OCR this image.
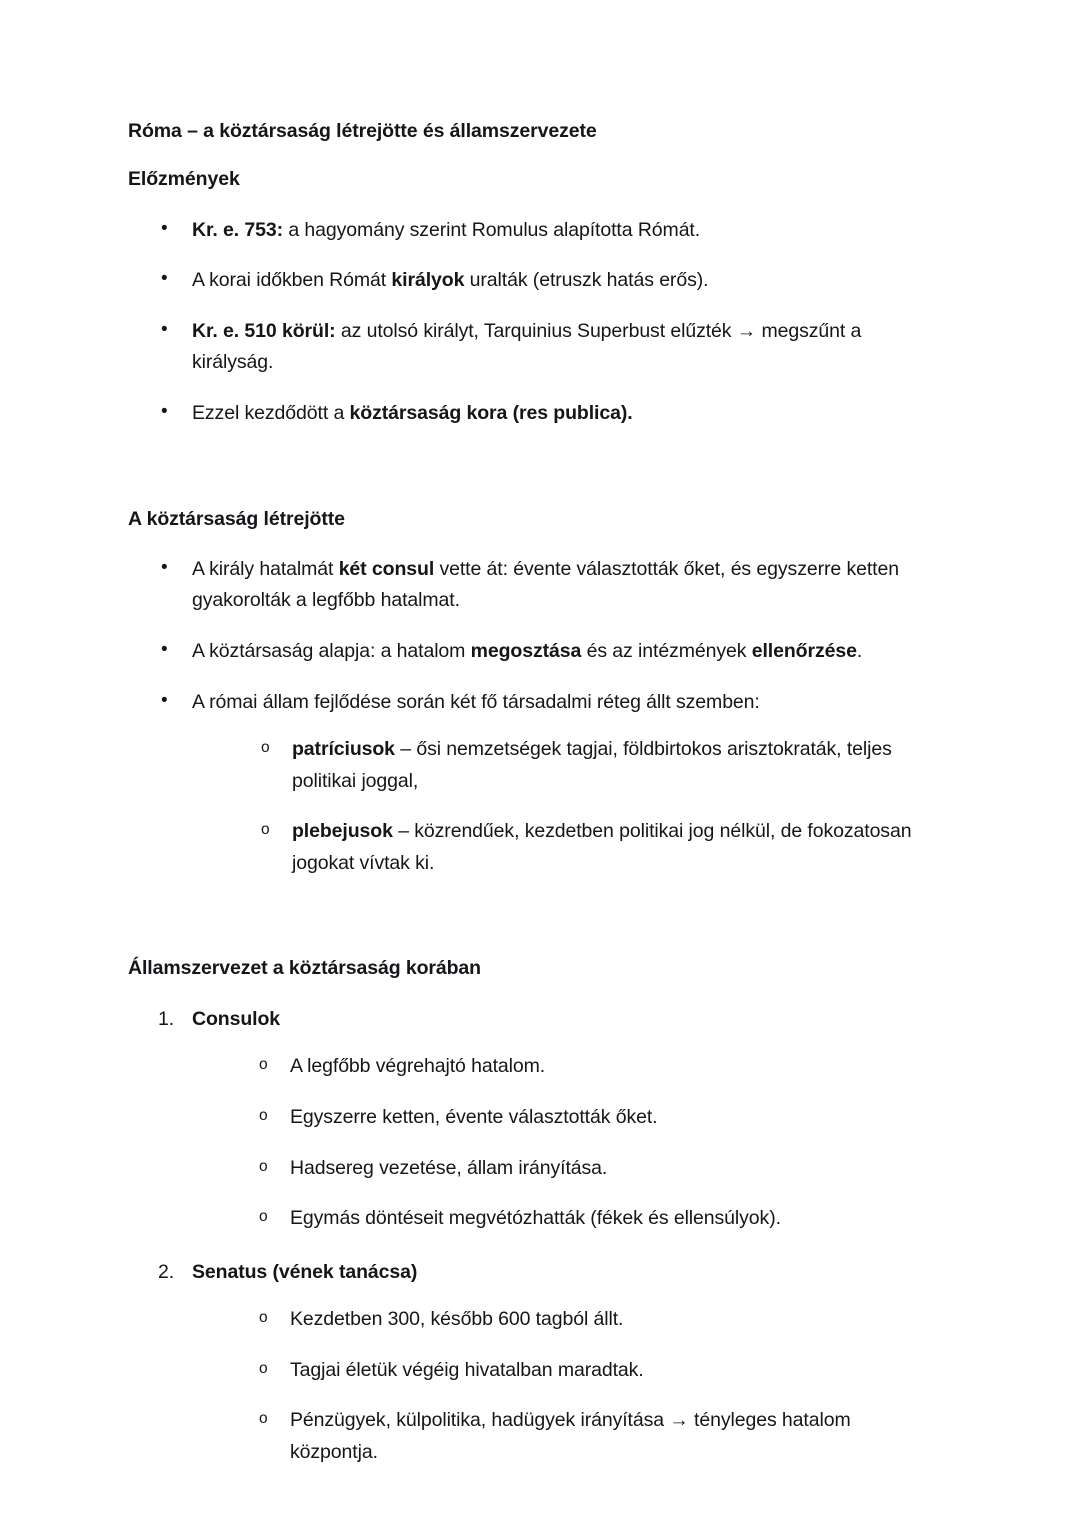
Róma – a köztársaság létrejötte és államszervezete
Előzmények
• Kr. e. 753: a hagyomány szerint Romulus alapította Rómát.
• A korai időkben Rómát királyok uralták (etruszk hatás erős).
• Kr. e. 510 körül: az utolsó királyt, Tarquinius Superbust elűzték → megszűnt a királyság.
• Ezzel kezdődött a köztársaság kora (res publica).
A köztársaság létrejötte
• A király hatalmát két consul vette át: évente választották őket, és egyszerre ketten gyakorolták a legfőbb hatalmat.
• A köztársaság alapja: a hatalom megosztása és az intézmények ellenőrzése.
• A római állam fejlődése során két fő társadalmi réteg állt szemben:
o patríciusok – ősi nemzetségek tagjai, földbirtokos arisztokraták, teljes politikai joggal,
o plebejusok – közrendűek, kezdetben politikai jog nélkül, de fokozatosan jogokat vívtak ki.
Államszervezet a köztársaság korában
Consulok
o A legfőbb végrehajtó hatalom.
o Egyszerre ketten, évente választották őket.
o Hadsereg vezetése, állam irányítása.
o Egymás döntéseit megvétózhatták (fékek és ellensúlyok).
Senatus (vének tanácsa)
o Kezdetben 300, később 600 tagból állt.
o Tagjai életük végéig hivatalban maradtak.
o Pénzügyek, külpolitika, hadügyek irányítása → tényleges hatalom központja.
